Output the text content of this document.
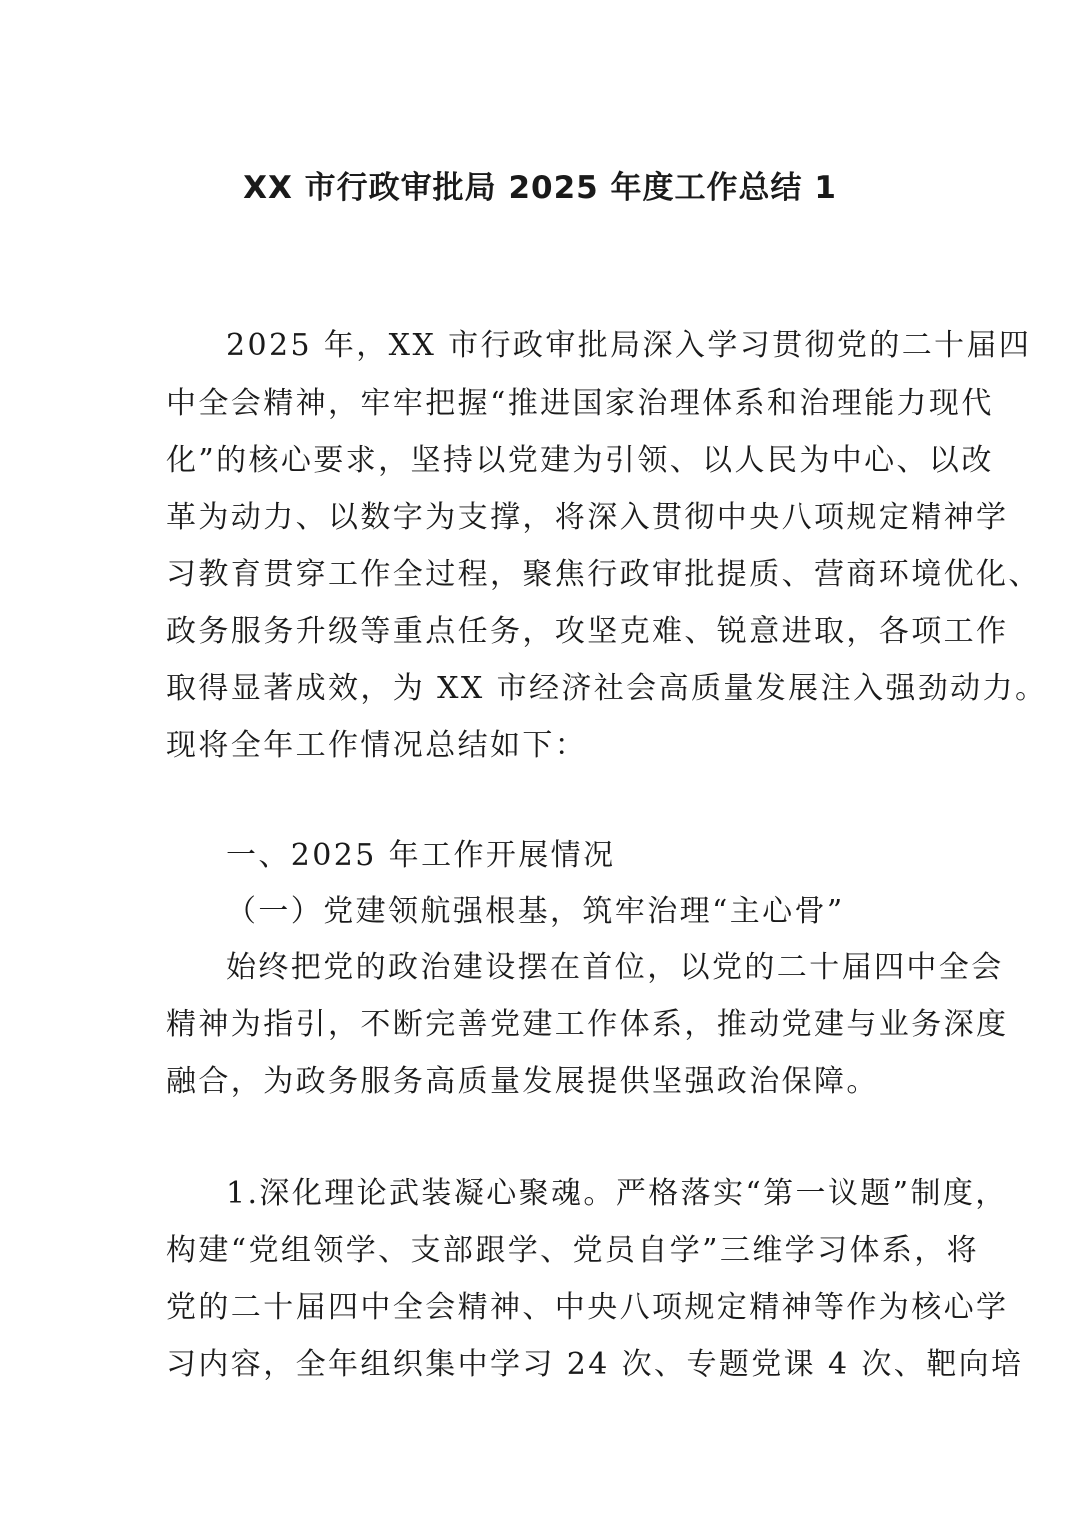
XX 市行政审批局 2025 年度工作总结 1
2025 年，XX 市行政审批局深入学习贯彻党的二十届四
中全会精神，牢牢把握“推进国家治理体系和治理能力现代
化”的核心要求，坚持以党建为引领、以人民为中心、以改
革为动力、以数字为支撑，将深入贯彻中央八项规定精神学
习教育贯穿工作全过程，聚焦行政审批提质、营商环境优化、
政务服务升级等重点任务，攻坚克难、锐意进取，各项工作
取得显著成效，为 XX 市经济社会高质量发展注入强劲动力。
现将全年工作情况总结如下：
一、2025 年工作开展情况
（一）党建领航强根基，筑牢治理“主心骨”
始终把党的政治建设摆在首位，以党的二十届四中全会
精神为指引，不断完善党建工作体系，推动党建与业务深度
融合，为政务服务高质量发展提供坚强政治保障。
1.深化理论武装凝心聚魂。严格落实“第一议题”制度，
构建“党组领学、支部跟学、党员自学”三维学习体系，将
党的二十届四中全会精神、中央八项规定精神等作为核心学
习内容，全年组织集中学习 24 次、专题党课 4 次、靶向培
